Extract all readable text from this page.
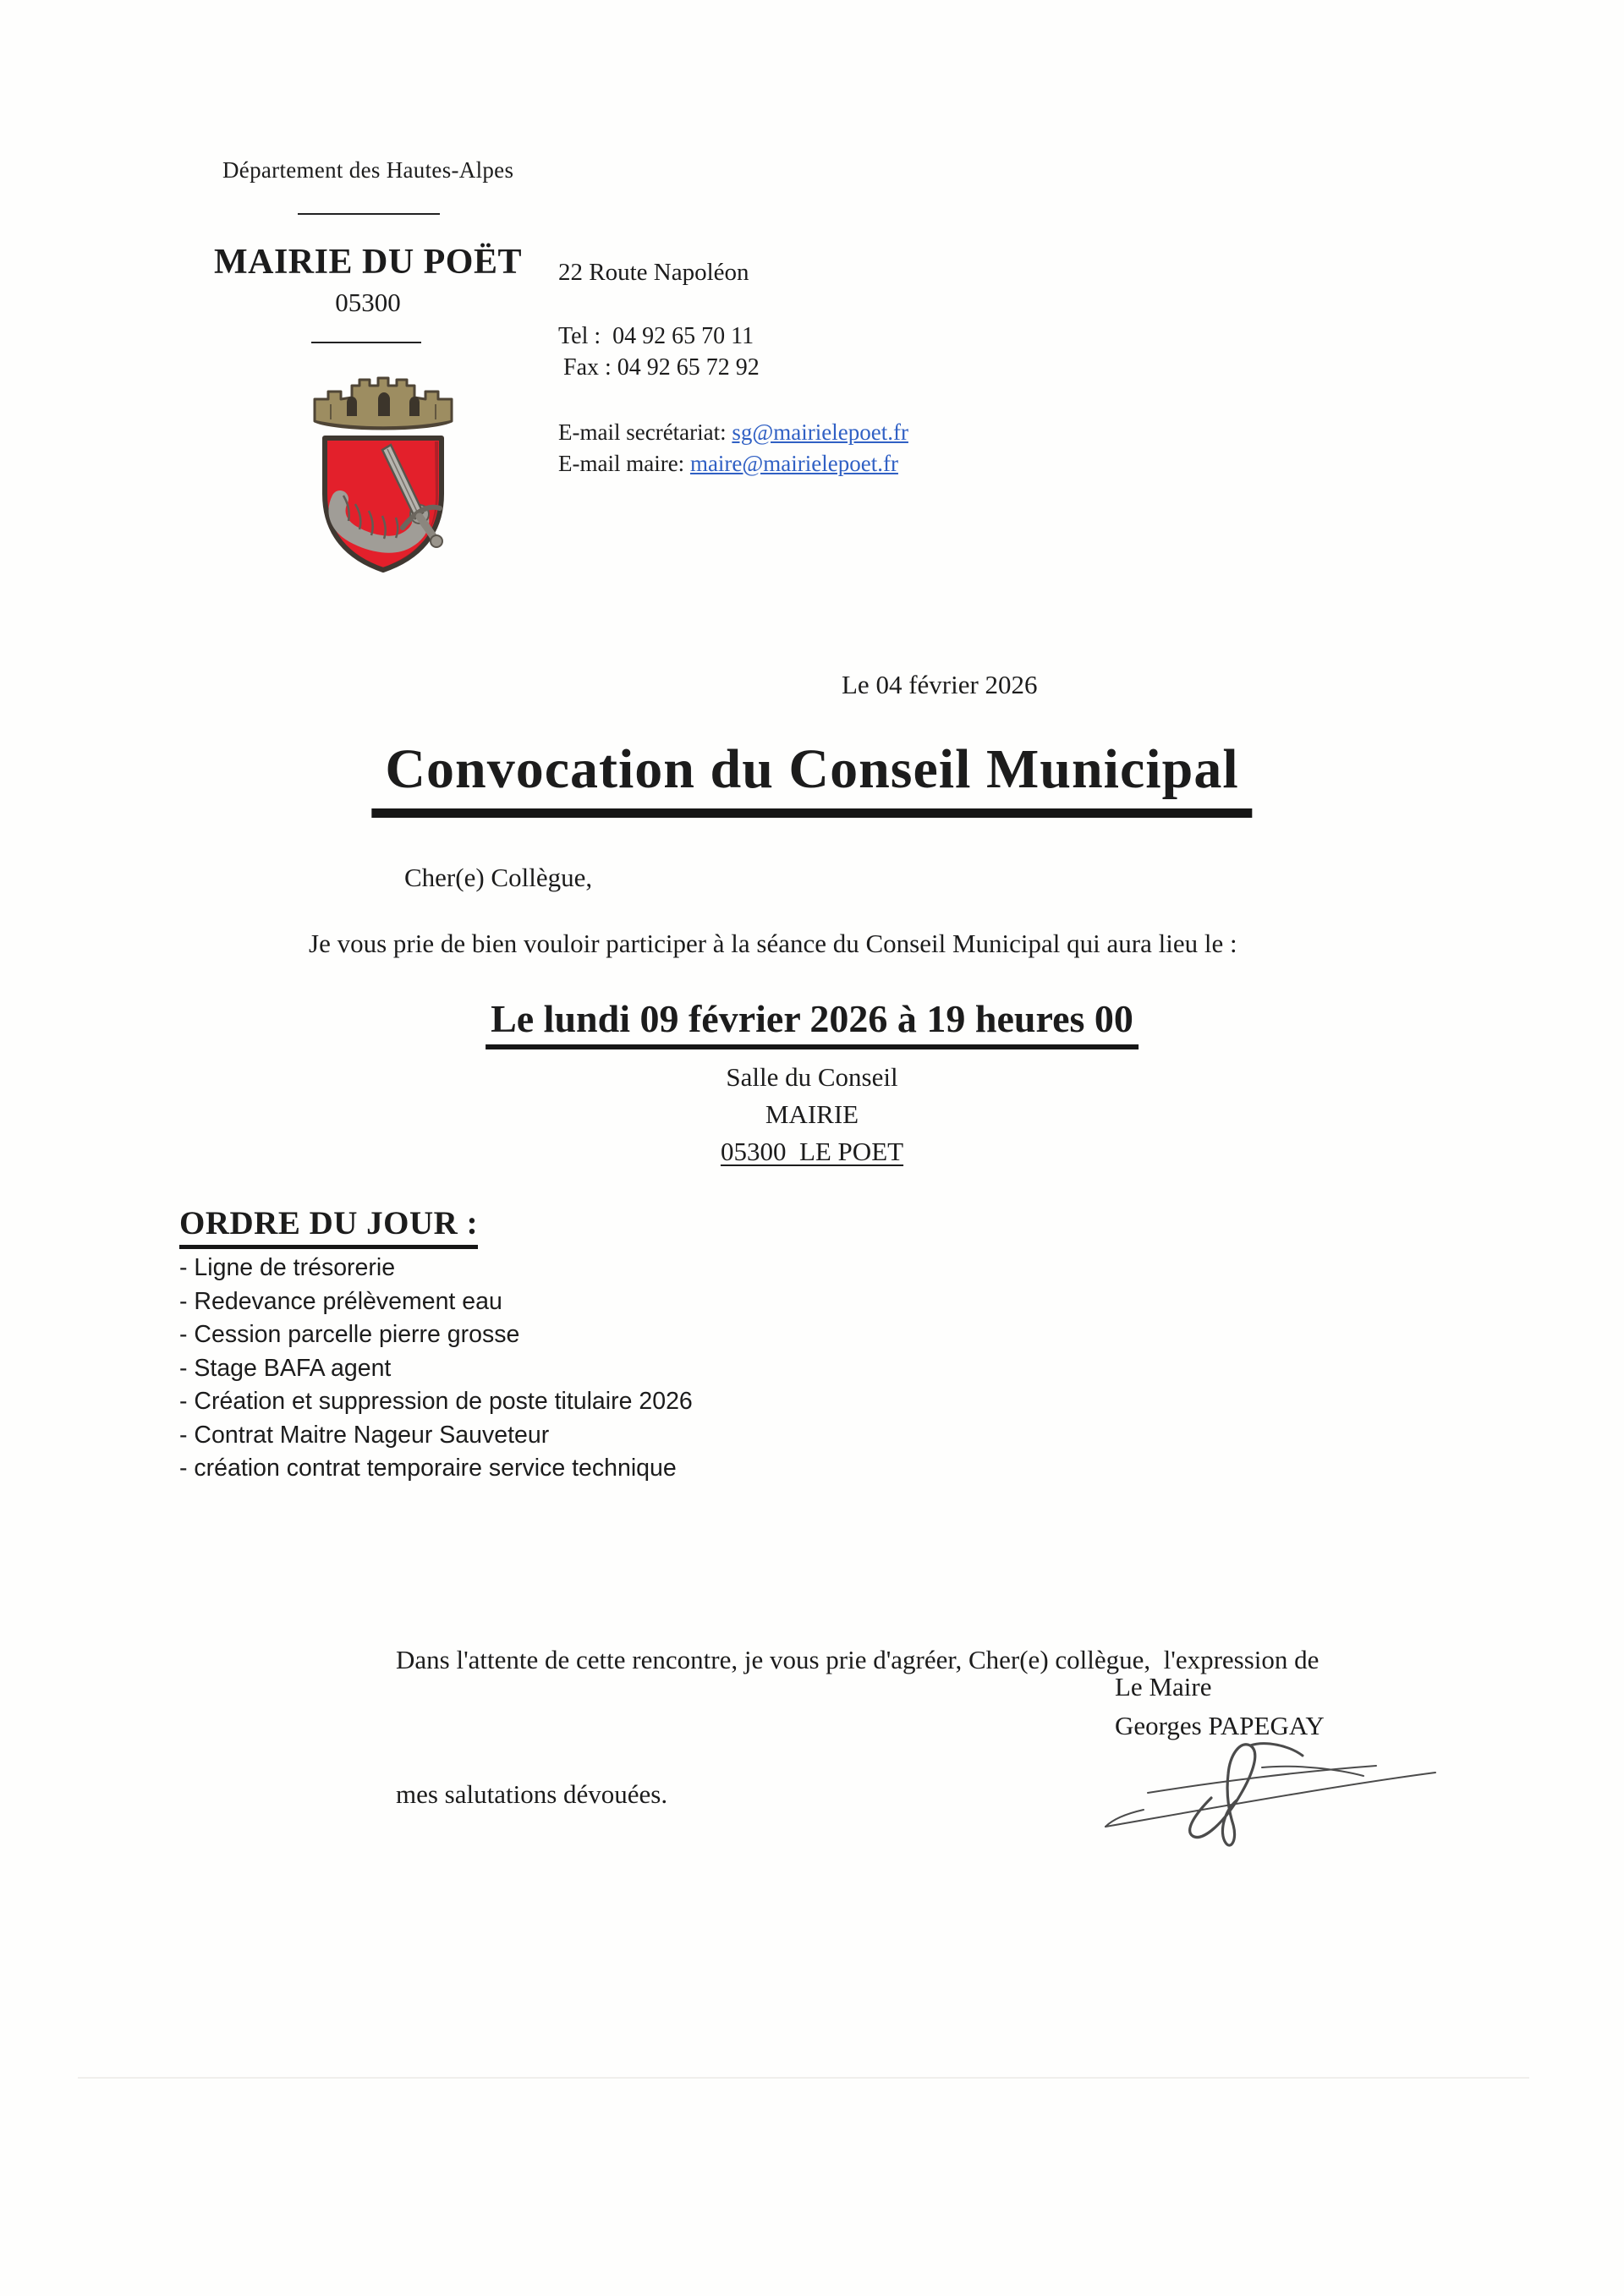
Département des Hautes-Alpes
MAIRIE DU POËT
05300
22 Route Napoléon
Tel :  04 92 65 70 11
Fax : 04 92 65 72 92
E-mail secrétariat: sg@mairielepoet.fr
E-mail maire: maire@mairielepoet.fr
Le 04 février 2026
Convocation du Conseil Municipal
Cher(e) Collègue,
Je vous prie de bien vouloir participer à la séance du Conseil Municipal qui aura lieu le :
Le lundi 09 février 2026 à 19 heures 00
Salle du Conseil
MAIRIE
05300  LE POET
ORDRE DU JOUR :
- Ligne de trésorerie
- Redevance prélèvement eau
- Cession parcelle pierre grosse
- Stage BAFA agent
- Création et suppression de poste titulaire 2026
- Contrat Maitre Nageur Sauveteur
- création contrat temporaire service technique

Dans l'attente de cette rencontre, je vous prie d'agréer, Cher(e) collègue,  l'expression de

mes salutations dévouées.

Le Maire
Georges PAPEGAY
